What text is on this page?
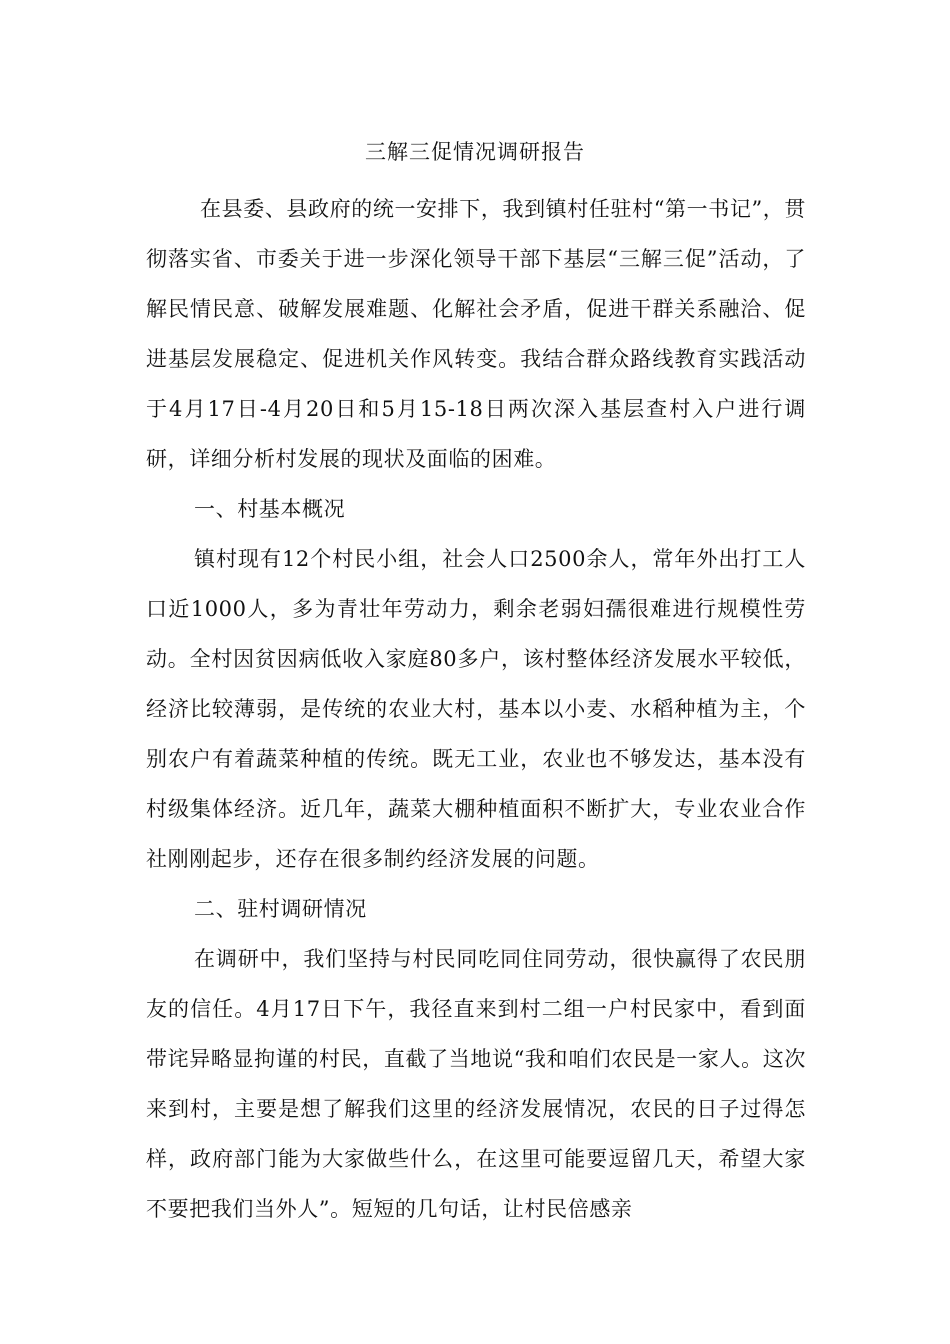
三解三促情况调研报告

在县委、县政府的统一安排下，我到镇村任驻村“第一书记”，贯彻落实省、市委关于进一步深化领导干部下基层“三解三促”活动，了解民情民意、破解发展难题、化解社会矛盾，促进干群关系融洽、促进基层发展稳定、促进机关作风转变。我结合群众路线教育实践活动于4月17日-4月20日和5月15-18日两次深入基层查村入户进行调研，详细分析村发展的现状及面临的困难。

一、村基本概况

镇村现有12个村民小组，社会人口2500余人，常年外出打工人口近1000人，多为青壮年劳动力，剩余老弱妇孺很难进行规模性劳动。全村因贫因病低收入家庭80多户，该村整体经济发展水平较低，经济比较薄弱，是传统的农业大村，基本以小麦、水稻种植为主，个别农户有着蔬菜种植的传统。既无工业，农业也不够发达，基本没有村级集体经济。近几年，蔬菜大棚种植面积不断扩大，专业农业合作社刚刚起步，还存在很多制约经济发展的问题。

二、驻村调研情况

在调研中，我们坚持与村民同吃同住同劳动，很快赢得了农民朋友的信任。4月17日下午，我径直来到村二组一户村民家中，看到面带诧异略显拘谨的村民，直截了当地说“我和咱们农民是一家人。这次来到村，主要是想了解我们这里的经济发展情况，农民的日子过得怎样，政府部门能为大家做些什么，在这里可能要逗留几天，希望大家不要把我们当外人”。短短的几句话，让村民倍感亲
